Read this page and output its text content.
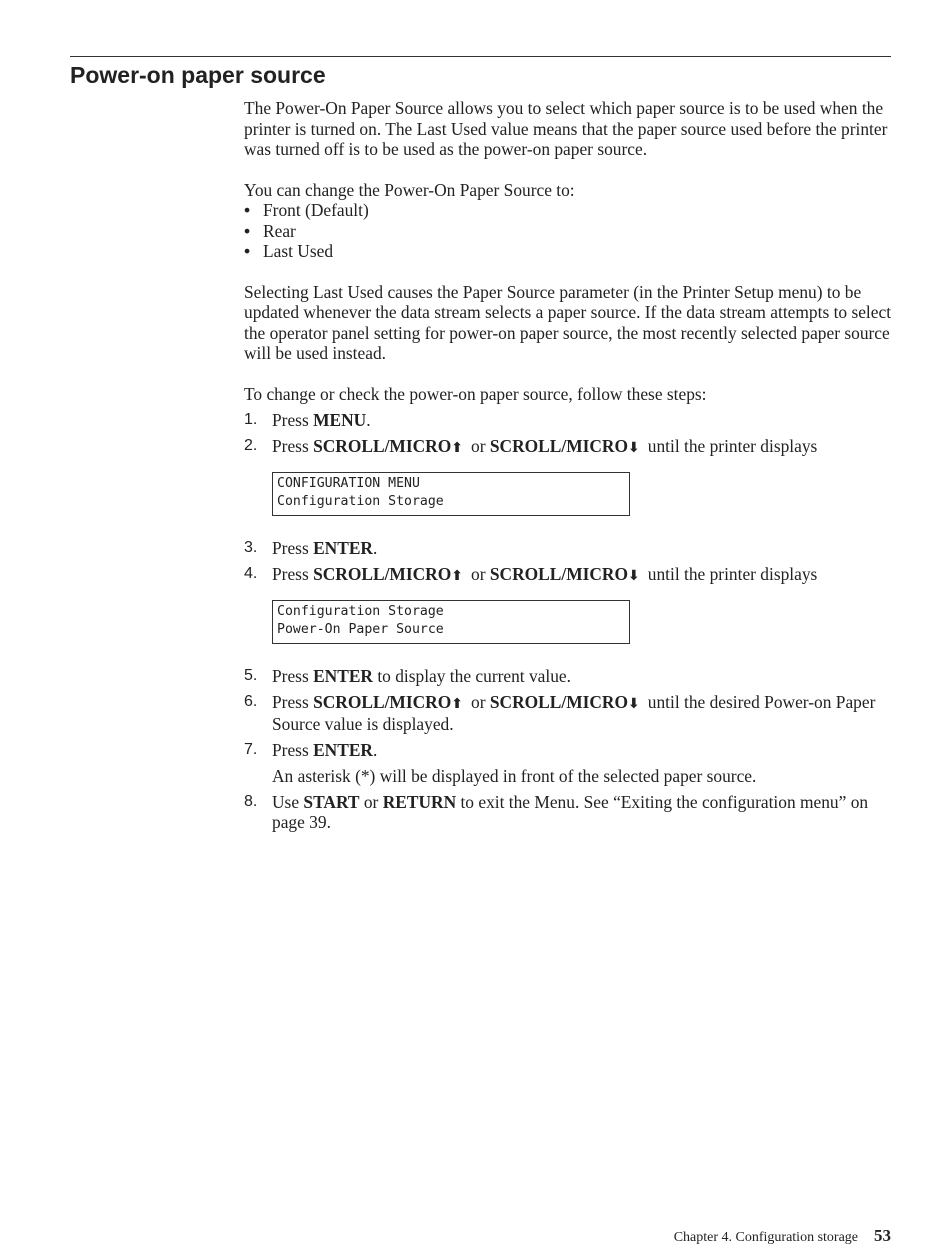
Power-on paper source

The Power-On Paper Source allows you to select which paper source is to be used when the printer is turned on. The Last Used value means that the paper source used before the printer was turned off is to be used as the power-on paper source.

You can change the Power-On Paper Source to:

• Front (Default)
• Rear
• Last Used

Selecting Last Used causes the Paper Source parameter (in the Printer Setup menu) to be updated whenever the data stream selects a paper source. If the data stream attempts to select the operator panel setting for power-on paper source, the most recently selected paper source will be used instead.

To change or check the power-on paper source, follow these steps:

1. Press MENU.
2. Press SCROLL/MICRO⬆ or SCROLL/MICRO⬇ until the printer displays
CONFIGURATION MENU
Configuration Storage
3. Press ENTER.
4. Press SCROLL/MICRO⬆ or SCROLL/MICRO⬇ until the printer displays
Configuration Storage
Power-On Paper Source
5. Press ENTER to display the current value.
6. Press SCROLL/MICRO⬆ or SCROLL/MICRO⬇ until the desired Power-on Paper Source value is displayed.
7. Press ENTER.
An asterisk (*) will be displayed in front of the selected paper source.
8. Use START or RETURN to exit the Menu. See “Exiting the configuration menu” on page 39.
Chapter 4. Configuration storage 53
